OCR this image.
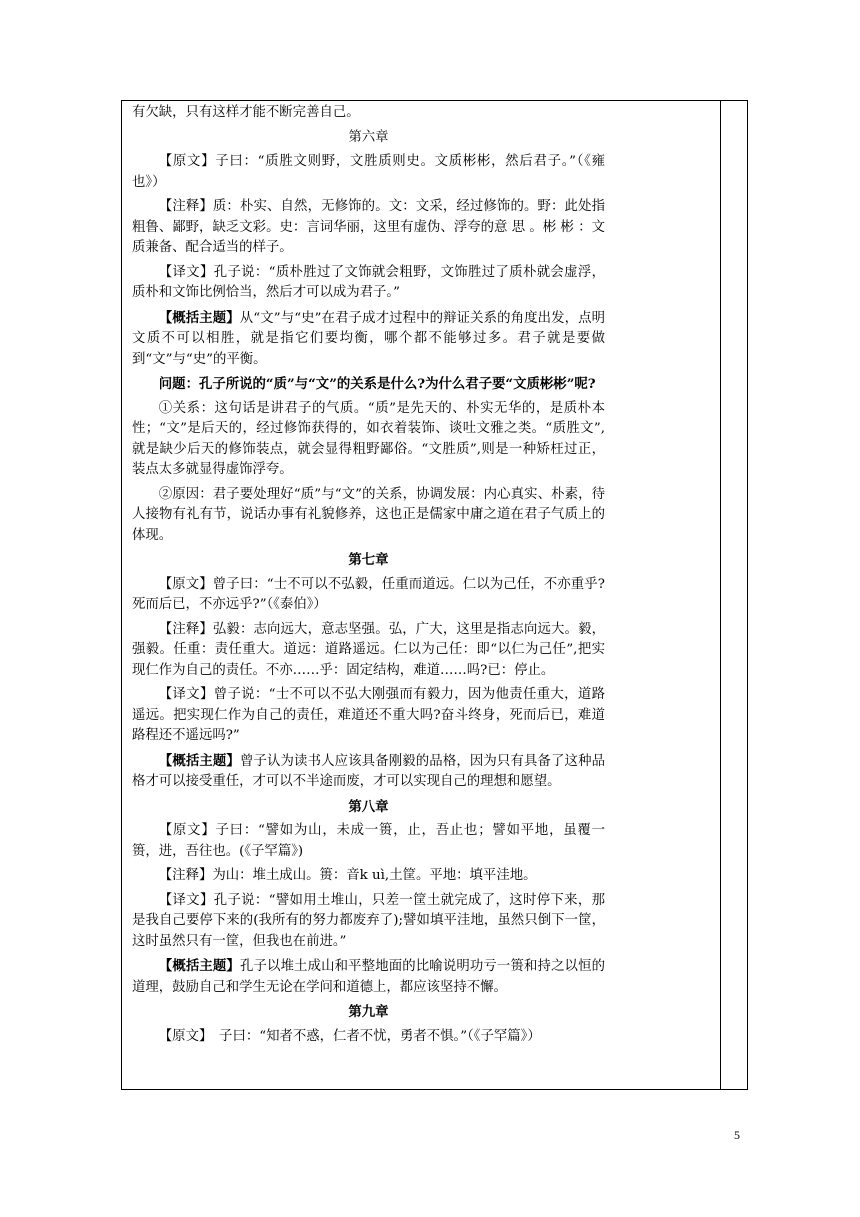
有欠缺，只有这样才能不断完善自己。

第六章

【原文】子曰：“质胜文则野，文胜质则史。文质彬彬，然后君子。”（《雍也》）

【注释】质：朴实、自然，无修饰的。文：文采，经过修饰的。野：此处指粗鲁、鄙野，缺乏文彩。史：言词华丽，这里有虚伪、浮夸的意 思 。彬 彬 ：文质兼备、配合适当的样子。

【译文】孔子说：“质朴胜过了文饰就会粗野，文饰胜过了质朴就会虚浮，质朴和文饰比例恰当，然后才可以成为君子。”

【概括主题】从“文”与“史”在君子成才过程中的辩证关系的角度出发，点明文质不可以相胜，就是指它们要均衡，哪个都不能够过多。君子就是要做到“文”与“史”的平衡。

问题：孔子所说的“质”与“文”的关系是什么?为什么君子要“文质彬彬”呢?

①关系：这句话是讲君子的气质。“质”是先天的、朴实无华的，是质朴本性；“文”是后天的，经过修饰获得的，如衣着装饰、谈吐文雅之类。“质胜文”,就是缺少后天的修饰装点，就会显得粗野鄙俗。“文胜质”,则是一种矫枉过正，装点太多就显得虚饰浮夸。

②原因：君子要处理好“质”与“文”的关系，协调发展：内心真实、朴素，待人接物有礼有节，说话办事有礼貌修养，这也正是儒家中庸之道在君子气质上的体现。

第七章

【原文】曾子曰：“士不可以不弘毅，任重而道远。仁以为己任，不亦重乎?死而后已，不亦远乎?”（《泰伯》）

【注释】弘毅：志向远大，意志坚强。弘，广大，这里是指志向远大。毅，强毅。任重：责任重大。道远：道路遥远。仁以为己任：即“以仁为己任”,把实现仁作为自己的责任。不亦……乎：固定结构，难道……吗?已：停止。

【译文】曾子说：“士不可以不弘大刚强而有毅力，因为他责任重大，道路遥远。把实现仁作为自己的责任，难道还不重大吗?奋斗终身，死而后已，难道路程还不遥远吗?”

【概括主题】曾子认为读书人应该具备刚毅的品格，因为只有具备了这种品格才可以接受重任，才可以不半途而废，才可以实现自己的理想和愿望。

第八章

【原文】子曰：“譬如为山，未成一篑，止，吾止也；譬如平地，虽覆一篑，进，吾往也。(《子罕篇》)

【注释】为山：堆土成山。篑：音k uì,土筐。平地：填平洼地。

【译文】孔子说：“譬如用土堆山，只差一筐土就完成了，这时停下来，那是我自己要停下来的(我所有的努力都废弃了);譬如填平洼地，虽然只倒下一筐，这时虽然只有一筐，但我也在前进。”

【概括主题】孔子以堆土成山和平整地面的比喻说明功亏一篑和持之以恒的道理，鼓励自己和学生无论在学问和道德上，都应该坚持不懈。

第九章

【原文】　子曰：“知者不惑，仁者不忧，勇者不惧。”（《子罕篇》）

5
